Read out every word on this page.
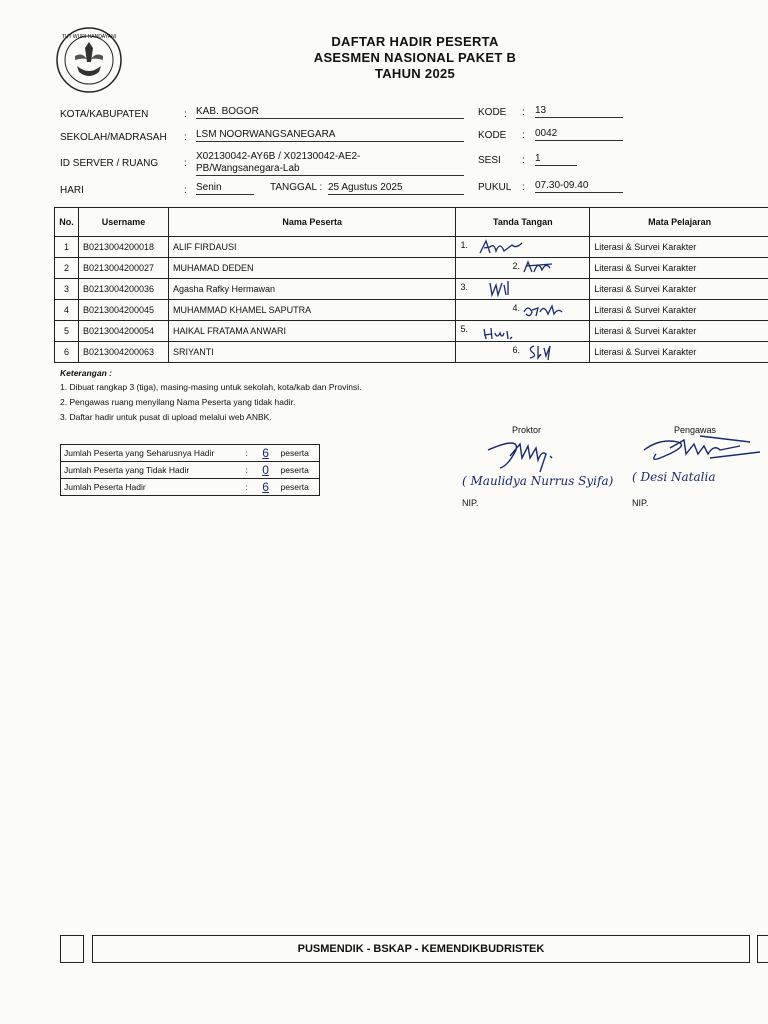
TUT WURI HANDAYANI	DAFTAR HADIR PESERTA
ASESMEN NASIONAL PAKET B
TAHUN 2025
KOTA/KABUPATEN	: KAB. BOGOR	KODE : 13
SEKOLAH/MADRASAH : LSM NOORWANGSANEGARA	KODE : 0042
ID SERVER / RUANG	:
X02130042-AY6B / X02130042-AE2-
PB/Wangsanegara-Lab
SESI : 1
HARI	: Senin	TANGGAL : 25 Agustus 2025	PUKUL : 07.30-09.40
No.	Username	Nama Peserta	Tanda Tangan	Mata Pelajaran
1	B0213004200018	ALIF FIRDAUSI	1.	Literasi & Survei Karakter
2	B0213004200027	MUHAMAD DEDEN	2.	Literasi & Survei Karakter
3	B0213004200036	Agasha Rafky Hermawan	3.	Literasi & Survei Karakter
4	B0213004200045	MUHAMMAD KHAMEL SAPUTRA	4.	Literasi & Survei Karakter
5	B0213004200054	HAIKAL FRATAMA ANWARI	5.	Literasi & Survei Karakter
6	B0213004200063	SRIYANTI	6.	Literasi & Survei Karakter
Keterangan :
1. Dibuat rangkap 3 (tiga), masing-masing untuk sekolah, kota/kab dan Provinsi.
2. Pengawas ruang menyilang Nama Peserta yang tidak hadir.
3. Daftar hadir untuk pusat di upload melalui web ANBK.
Jumlah Peserta yang Seharusnya Hadir	:	6	peserta
Jumlah Peserta yang Tidak Hadir	:	0	peserta
Jumlah Peserta Hadir	:	6	peserta
Proktor
( Maulidya Nurrus Syifa)
NIP.
Pengawas
( Desi Natalia
NIP.
PUSMENDIK - BSKAP - KEMENDIKBUDRISTEK
